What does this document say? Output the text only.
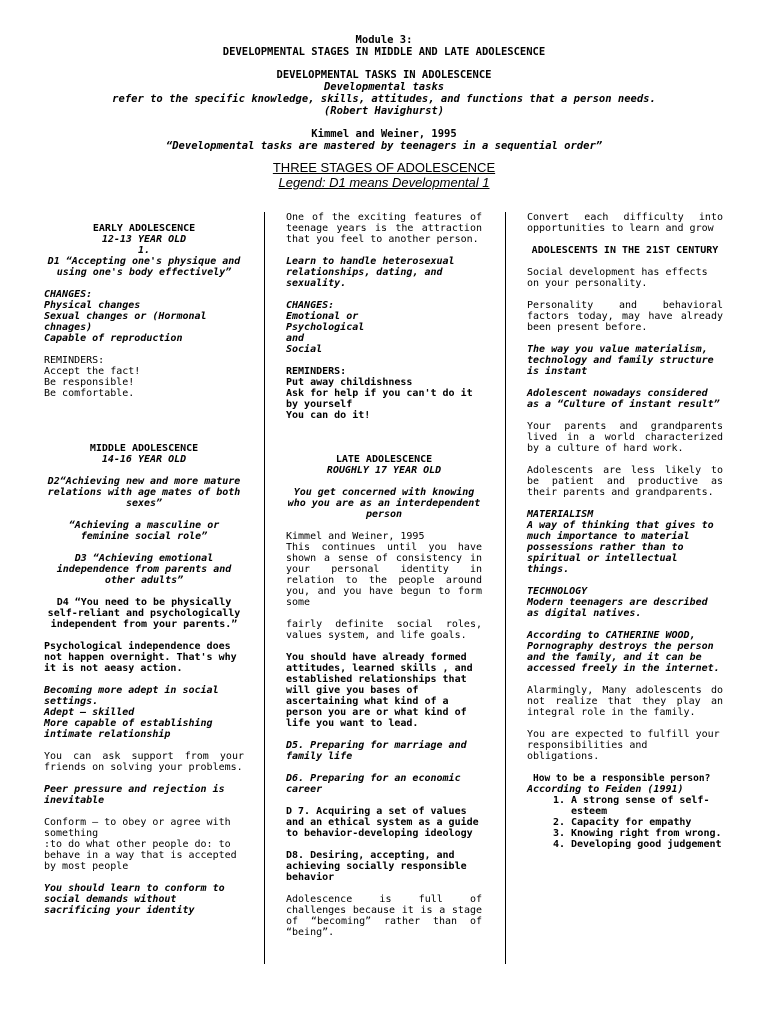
Module 3:
DEVELOPMENTAL STAGES IN MIDDLE AND LATE ADOLESCENCE
DEVELOPMENTAL TASKS IN ADOLESCENCE
Developmental tasks
refer to the specific knowledge, skills, attitudes, and functions that a person needs.
(Robert Havighurst)
Kimmel and Weiner, 1995
“Developmental tasks are mastered by teenagers in a sequential order”
THREE STAGES OF ADOLESCENCE
Legend: D1 means Developmental 1
EARLY ADOLESCENCE
12-13 YEAR OLD
1.

D1 “Accepting one's physique and using one's body effectively”

CHANGES:
Physical changes
Sexual changes or (Hormonal chnages)

Capable of reproduction

REMINDERS:
Accept the fact!
Be responsible!
Be comfortable.
MIDDLE ADOLESCENCE

14-16 YEAR OLD

D2“Achieving new and more mature relations with age mates of both sexes”

“Achieving a masculine or feminine social role”

D3 “Achieving emotional independence from parents and other adults”

D4 “You need to be physically self-reliant and psychologically independent from your parents.”

Psychological independence does not happen overnight. That's why it is not aeasy action.

Becoming more adept in social settings.
Adept – skilled

More capable of establishing intimate relationship

You can ask support from your friends on solving your problems.

Peer pressure and rejection is inevitable

Conform – to obey or agree with something

:to do what other people do: to behave in a way that is accepted by most people

You should learn to conform to social demands without sacrificing your identity

One of the exciting features of teenage years is the attraction that you feel to another person.

Learn to handle heterosexual relationships, dating, and sexuality.

CHANGES:
Emotional or
Psychological
and

Social

REMINDERS:
Put away childishness
Ask for help if you can't do it by yourself
You can do it!
LATE ADOLESCENCE

ROUGHLY 17 YEAR OLD

You get concerned with knowing who you are as an interdependent person

Kimmel and Weiner, 1995

This continues until you have shown a sense of consistency in your personal identity in relation to the people around you, and you have begun to form some

fairly definite social roles, values system, and life goals.

You should have already formed attitudes, learned skills , and established relationships that will give you bases of ascertaining what kind of a person you are or what kind of life you want to lead.

D5. Preparing for marriage and family life

D6. Preparing for an economic career

D 7. Acquiring a set of values and an ethical system as a guide to behavior-developing ideology

D8. Desiring, accepting, and achieving socially responsible behavior

Adolescence is full of challenges because it is a stage of “becoming” rather than of “being”.

Convert each difficulty into opportunities to learn and grow

ADOLESCENTS IN THE 21ST CENTURY

Social development has effects on your personality.

Personality and behavioral factors today, may have already been present before.

The way you value materialism, technology and family structure is instant

Adolescent nowadays considered as a “Culture of instant result”

Your parents and grandparents lived in a world characterized by a culture of hard work.

Adolescents are less likely to be patient and productive as their parents and grandparents.

MATERIALISM

A way of thinking that gives to much importance to material possessions rather than to spiritual or intellectual things.

TECHNOLOGY

Modern teenagers are described as digital natives.

According to CATHERINE WOOD, Pornography destroys the person and the family, and it can be accessed freely in the internet.

Alarmingly, Many adolescents do not realize that they play an integral role in the family.

You are expected to fulfill your responsibilities and obligations.

How to be a responsible person?
According to Feiden (1991)
1. A strong sense of self-esteem
2. Capacity for empathy
3. Knowing right from wrong.
4. Developing good judgement
